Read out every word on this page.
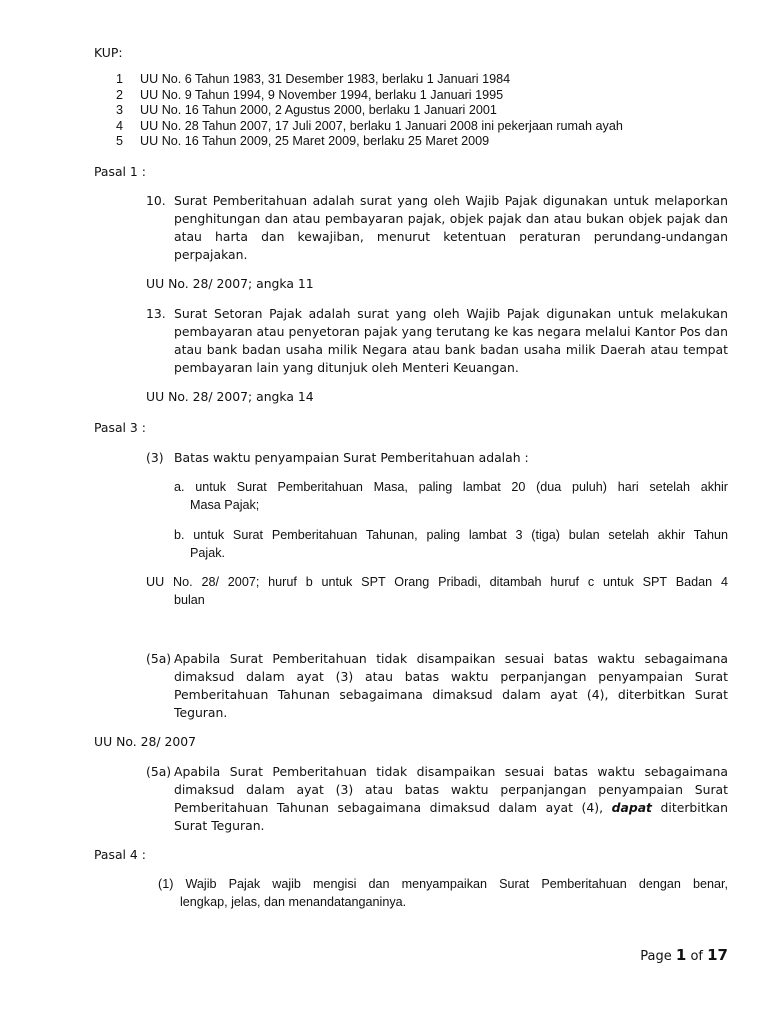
KUP:
1	UU No. 6 Tahun 1983, 31 Desember 1983, berlaku 1 Januari 1984
2	UU No. 9 Tahun 1994, 9 November 1994, berlaku 1 Januari 1995
3	UU No. 16 Tahun 2000, 2 Agustus 2000, berlaku 1 Januari 2001
4	UU No. 28 Tahun 2007, 17 Juli 2007, berlaku 1 Januari 2008 ini pekerjaan rumah ayah
5	UU No. 16 Tahun 2009, 25 Maret 2009, berlaku 25 Maret 2009
Pasal 1 :
10. Surat Pemberitahuan adalah surat yang oleh Wajib Pajak digunakan untuk melaporkan penghitungan dan atau pembayaran pajak, objek pajak dan atau bukan objek pajak dan atau harta dan kewajiban, menurut ketentuan peraturan perundang-undangan perpajakan.
UU No. 28/ 2007; angka 11
13. Surat Setoran Pajak adalah surat yang oleh Wajib Pajak digunakan untuk melakukan pembayaran atau penyetoran pajak yang terutang ke kas negara melalui Kantor Pos dan atau bank badan usaha milik Negara atau bank badan usaha milik Daerah atau tempat pembayaran lain yang ditunjuk oleh Menteri Keuangan.
UU No. 28/ 2007; angka 14
Pasal 3 :
(3) Batas waktu penyampaian Surat Pemberitahuan adalah :
a. untuk Surat Pemberitahuan Masa, paling lambat 20 (dua puluh) hari setelah akhir
Masa Pajak;
b. untuk Surat Pemberitahuan Tahunan, paling lambat 3 (tiga) bulan setelah akhir Tahun
Pajak.
UU No. 28/ 2007; huruf b untuk SPT Orang Pribadi, ditambah huruf c untuk SPT Badan 4
bulan
(5a) Apabila Surat Pemberitahuan tidak disampaikan sesuai batas waktu sebagaimana dimaksud dalam ayat (3) atau batas waktu perpanjangan penyampaian Surat Pemberitahuan Tahunan sebagaimana dimaksud dalam ayat (4), diterbitkan Surat Teguran.
UU No. 28/ 2007
(5a) Apabila Surat Pemberitahuan tidak disampaikan sesuai batas waktu sebagaimana dimaksud dalam ayat (3) atau batas waktu perpanjangan penyampaian Surat Pemberitahuan Tahunan sebagaimana dimaksud dalam ayat (4), dapat diterbitkan Surat Teguran.
Pasal 4 :
(1) Wajib Pajak wajib mengisi dan menyampaikan Surat Pemberitahuan dengan benar,
lengkap, jelas, dan menandatanganinya.
Page 1 of 17
